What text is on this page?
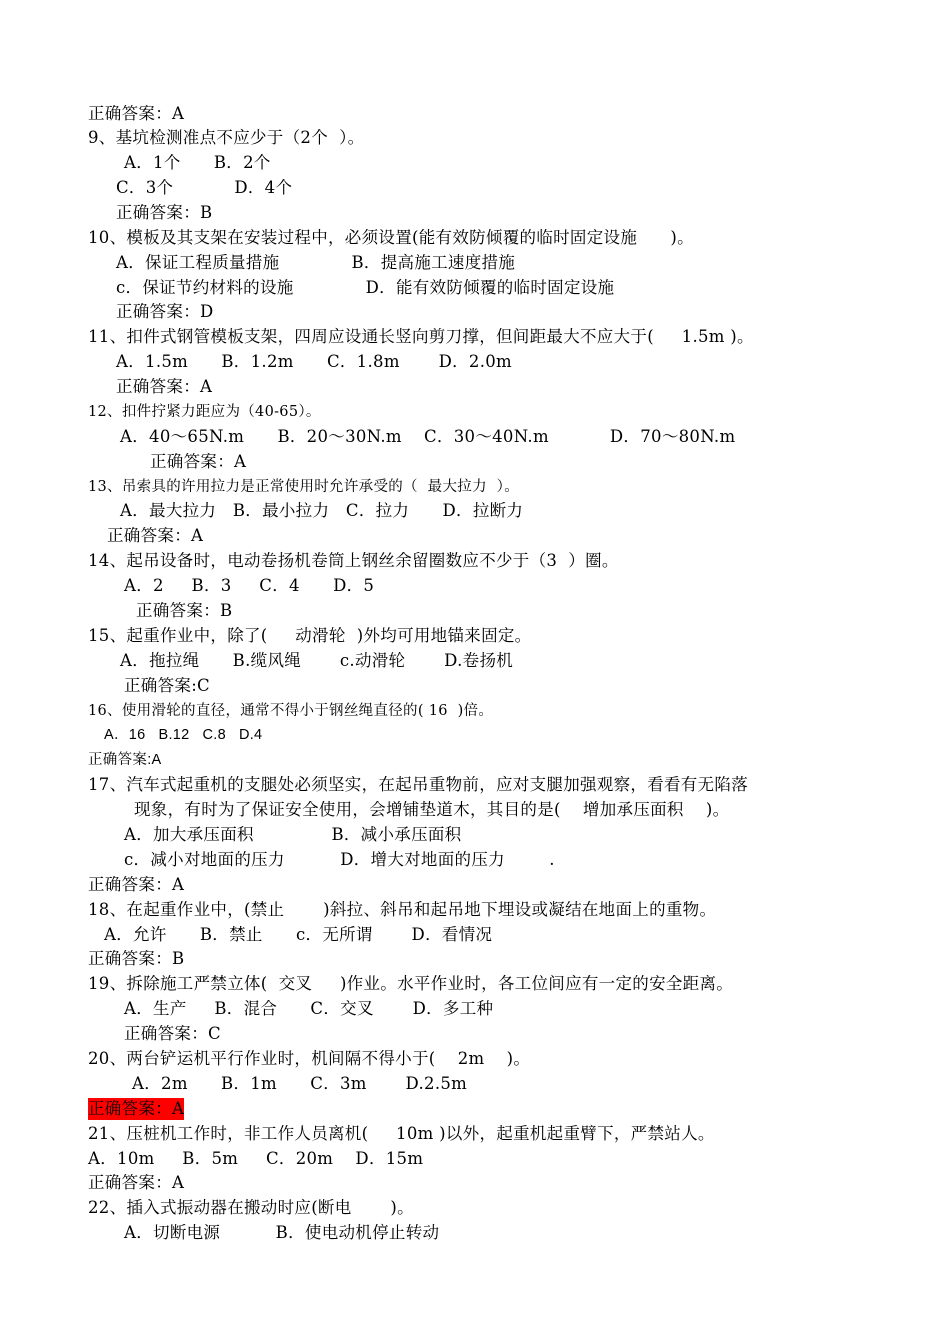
正确答案：A
9、基坑检测准点不应少于（2个  ）。
A．1个      B．2个
C．3个           D．4个
正确答案：B
10、模板及其支架在安装过程中，必须设置(能有效防倾覆的临时固定设施      )。
A．保证工程质量措施             B．提高施工速度措施
c．保证节约材料的设施             D．能有效防倾覆的临时固定设施
正确答案：D
11、扣件式钢管模板支架，四周应设通长竖向剪刀撑，但间距最大不应大于(     1.5m )。
A．1.5m      B．1.2m      C．1.8m       D．2.0m
正确答案：A
12、扣件拧紧力距应为（40-65）。
A．40～65N.m      B．20～30N.m    C．30～40N.m           D．70～80N.m
正确答案：A
13、吊索具的许用拉力是正常使用时允许承受的（  最大拉力  ）。
A．最大拉力   B．最小拉力   C．拉力      D．拉断力
正确答案：A
14、起吊设备时，电动卷扬机卷筒上钢丝余留圈数应不少于（3  ）圈。
A．2     B．3     C．4      D．5
正确答案：B
15、起重作业中，除了(     动滑轮  )外均可用地锚来固定。
A．拖拉绳      B.缆风绳       c.动滑轮       D.卷扬机
正确答案:C
16、使用滑轮的直径，通常不得小于钢丝绳直径的( 16  )倍。
A．16   B.12   C.8   D.4
正确答案:A
17、汽车式起重机的支腿处必须坚实，在起吊重物前，应对支腿加强观察，看看有无陷落
现象，有时为了保证安全使用，会增铺垫道木，其目的是(    增加承压面积    )。
A．加大承压面积              B．减小承压面积
c．减小对地面的压力          D．增大对地面的压力        .
正确答案：A
18、在起重作业中，(禁止       )斜拉、斜吊和起吊地下埋设或凝结在地面上的重物。
A．允许      B．禁止      c．无所谓       D．看情况
正确答案：B
19、拆除施工严禁立体(  交叉     )作业。水平作业时，各工位间应有一定的安全距离。
A．生产     B．混合      C．交叉       D．多工种
正确答案：C
20、两台铲运机平行作业时，机间隔不得小于(    2m    )。
A．2m      B．1m      C．3m       D.2.5m
正确答案：A
21、压桩机工作时，非工作人员离机(     10m )以外，起重机起重臂下，严禁站人。
A．10m     B．5m     C．20m    D．15m
正确答案：A
22、插入式振动器在搬动时应(断电       )。
A．切断电源          B．使电动机停止转动
